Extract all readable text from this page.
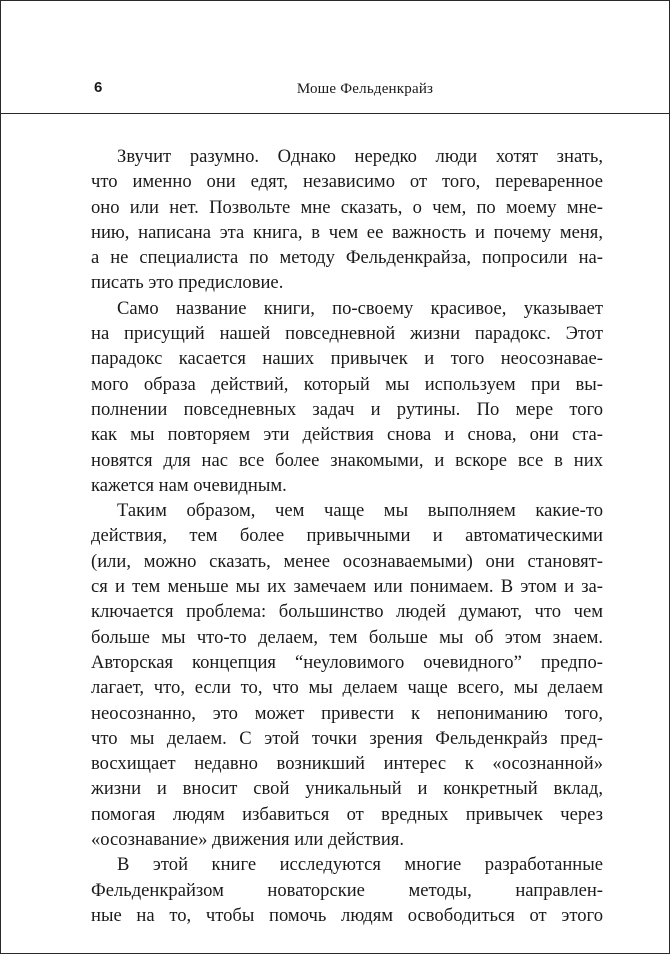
6	Моше Фельденкрайз
Звучит разумно. Однако нередко люди хотят знать,
что именно они едят, независимо от того, переваренное
оно или нет. Позвольте мне сказать, о чем, по моему мне-
нию, написана эта книга, в чем ее важность и почему меня,
а не специалиста по методу Фельденкрайза, попросили на-
писать это предисловие.
Само название книги, по-своему красивое, указывает
на присущий нашей повседневной жизни парадокс. Этот
парадокс касается наших привычек и того неосознавае-
мого образа действий, который мы используем при вы-
полнении повседневных задач и рутины. По мере того
как мы повторяем эти действия снова и снова, они ста-
новятся для нас все более знакомыми, и вскоре все в них
кажется нам очевидным.
Таким образом, чем чаще мы выполняем какие-то
действия, тем более привычными и автоматическими
(или, можно сказать, менее осознаваемыми) они становят-
ся и тем меньше мы их замечаем или понимаем. В этом и за-
ключается проблема: большинство людей думают, что чем
больше мы что-то делаем, тем больше мы об этом знаем.
Авторская концепция “неуловимого очевидного” предпо-
лагает, что, если то, что мы делаем чаще всего, мы делаем
неосознанно, это может привести к непониманию того,
что мы делаем. С этой точки зрения Фельденкрайз пред-
восхищает недавно возникший интерес к «осознанной»
жизни и вносит свой уникальный и конкретный вклад,
помогая людям избавиться от вредных привычек через
«осознавание» движения или действия.
В этой книге исследуются многие разработанные
Фельденкрайзом новаторские методы, направлен-
ные на то, чтобы помочь людям освободиться от этого
